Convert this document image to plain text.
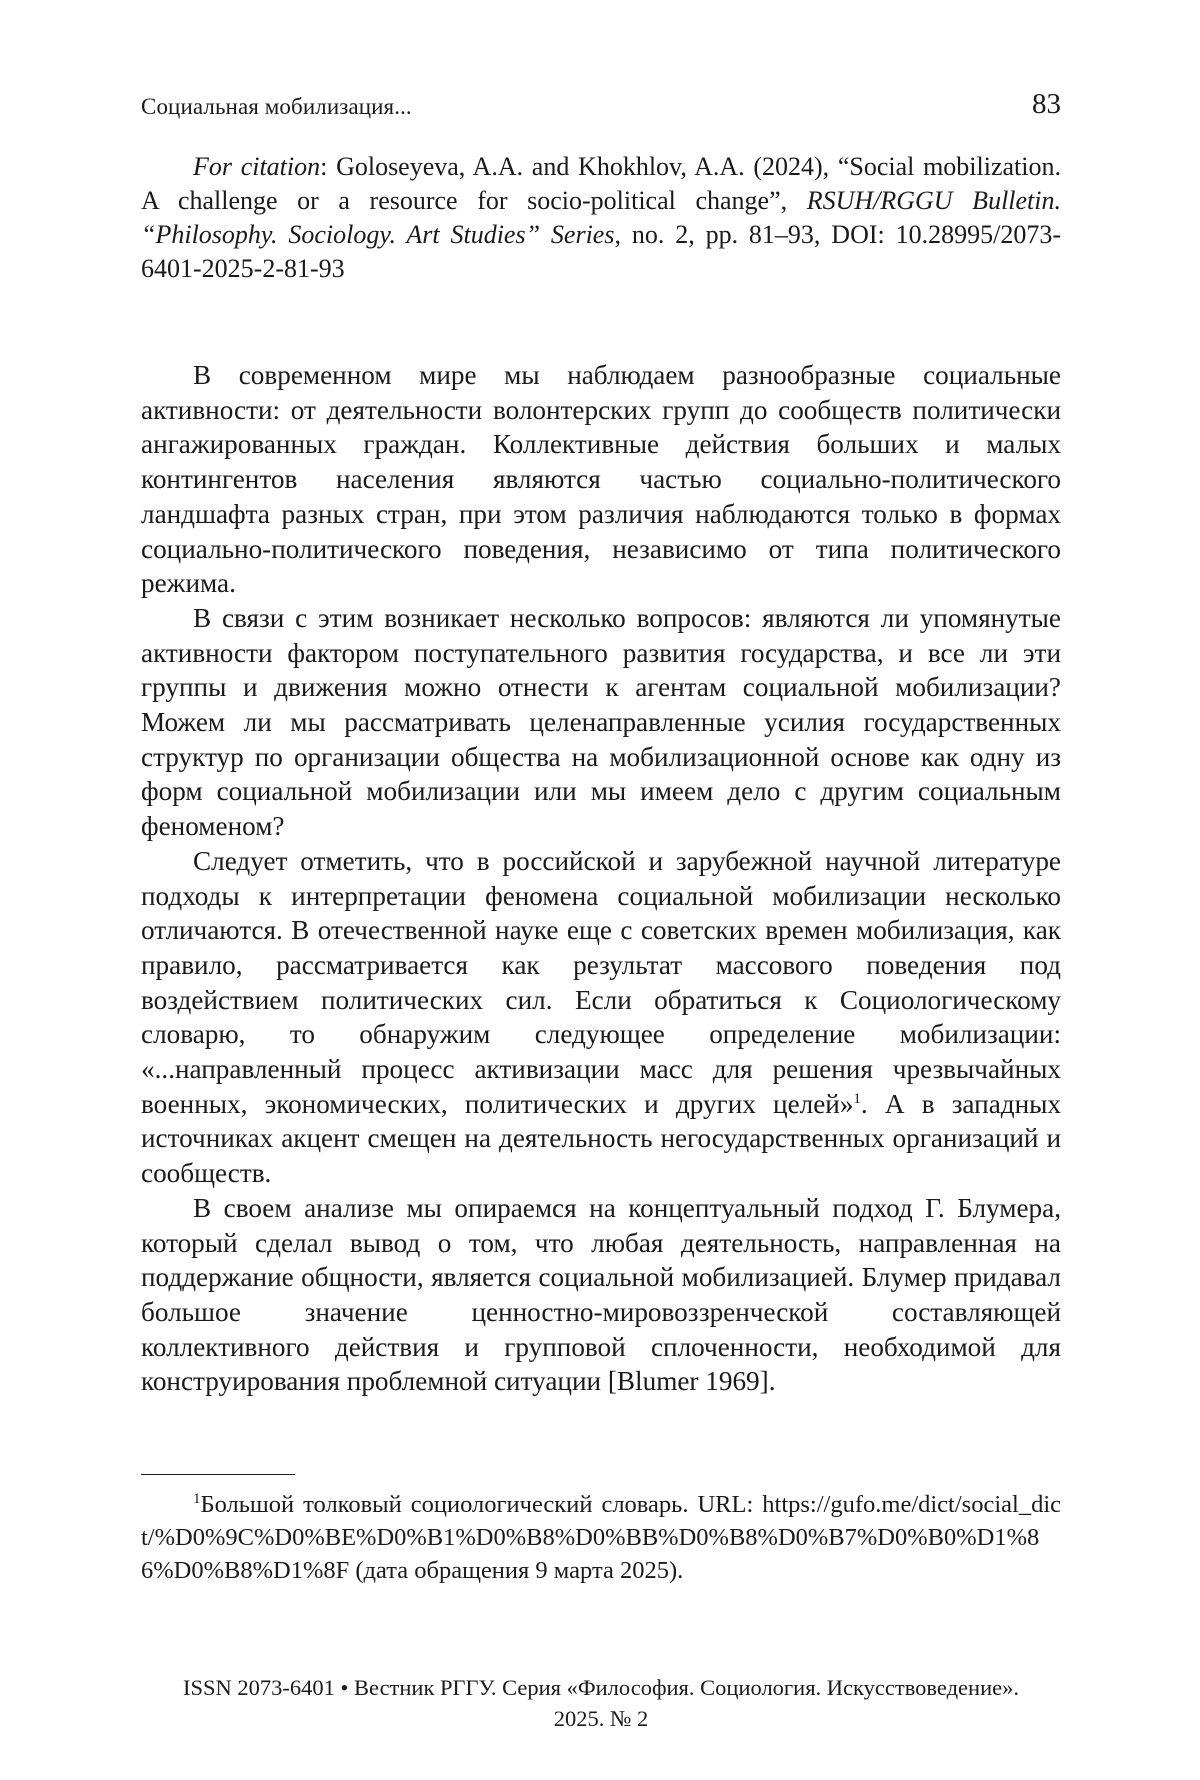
Социальная мобилизация...	83
For citation: Goloseyeva, A.A. and Khokhlov, A.A. (2024), “Social mobilization. A challenge or a resource for socio-political change”, RSUH/RGGU Bulletin. “Philosophy. Sociology. Art Studies” Series, no. 2, pp. 81–93, DOI: 10.28995/2073-6401-2025-2-81-93

В современном мире мы наблюдаем разнообразные социальные активности: от деятельности волонтерских групп до сообществ политически ангажированных граждан. Коллективные действия больших и малых контингентов населения являются частью социально-политического ландшафта разных стран, при этом различия наблюдаются только в формах социально-политического поведения, независимо от типа политического режима.

В связи с этим возникает несколько вопросов: являются ли упомянутые активности фактором поступательного развития государства, и все ли эти группы и движения можно отнести к агентам социальной мобилизации? Можем ли мы рассматривать целенаправленные усилия государственных структур по организации общества на мобилизационной основе как одну из форм социальной мобилизации или мы имеем дело с другим социальным феноменом?

Следует отметить, что в российской и зарубежной научной литературе подходы к интерпретации феномена социальной мобилизации несколько отличаются. В отечественной науке еще с советских времен мобилизация, как правило, рассматривается как результат массового поведения под воздействием политических сил. Если обратиться к Социологическому словарю, то обнаружим следующее определение мобилизации: «...направленный процесс активизации масс для решения чрезвычайных военных, экономических, политических и других целей»$^1$. А в западных источниках акцент смещен на деятельность негосударственных организаций и сообществ.

В своем анализе мы опираемся на концептуальный подход Г. Блумера, который сделал вывод о том, что любая деятельность, направленная на поддержание общности, является социальной мобилизацией. Блумер придавал большое значение ценностно-мировоззренческой составляющей коллективного действия и групповой сплоченности, необходимой для конструирования проблемной ситуации [Blumer 1969].

$^1$Большой толковый социологический словарь. URL: https://gufo.me/dict/social_dict/%D0%9C%D0%BE%D0%B1%D0%B8%D0%BB%D0%B8%D0%B7%D0%B0%D1%86%D0%B8%D1%8F (дата обращения 9 марта 2025).
ISSN 2073-6401 • Вестник РГГУ. Серия «Философия. Социология. Искусствоведение».
2025. № 2
